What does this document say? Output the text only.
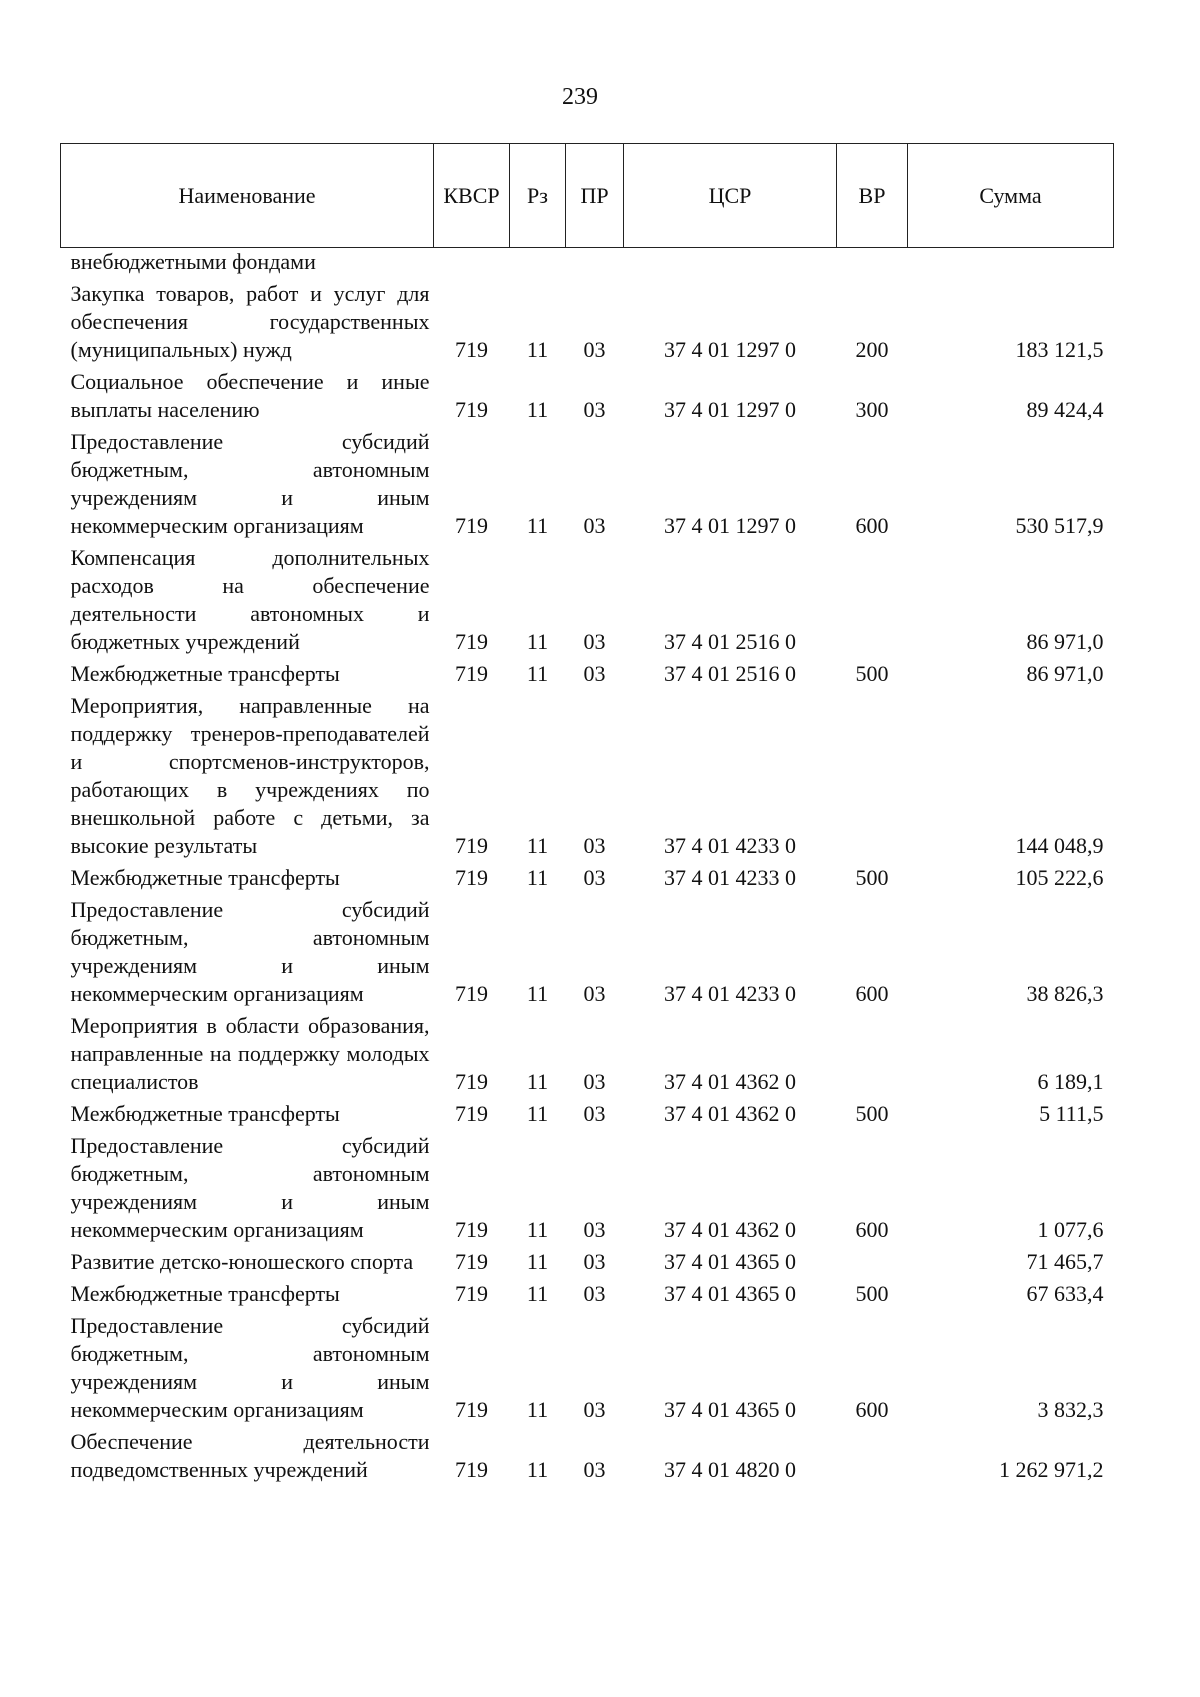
239
Наименование	КВСР	Рз	ПР	ЦСР	ВР	Сумма
внебюджетными фондами						
Закупка товаров, работ и услуг для обеспечения государственных (муниципальных) нужд	719	11	03	37 4 01 1297 0	200	183 121,5
Социальное обеспечение и иные выплаты населению	719	11	03	37 4 01 1297 0	300	89 424,4
Предоставление субсидий бюджетным, автономным учреждениям и иным некоммерческим организациям	719	11	03	37 4 01 1297 0	600	530 517,9
Компенсация дополнительных расходов на обеспечение деятельности автономных и бюджетных учреждений	719	11	03	37 4 01 2516 0		86 971,0
Межбюджетные трансферты	719	11	03	37 4 01 2516 0	500	86 971,0
Мероприятия, направленные на поддержку тренеров-преподавателей и спортсменов-инструкторов, работающих в учреждениях по внешкольной работе с детьми, за высокие результаты	719	11	03	37 4 01 4233 0		144 048,9
Межбюджетные трансферты	719	11	03	37 4 01 4233 0	500	105 222,6
Предоставление субсидий бюджетным, автономным учреждениям и иным некоммерческим организациям	719	11	03	37 4 01 4233 0	600	38 826,3
Мероприятия в области образования, направленные на поддержку молодых специалистов	719	11	03	37 4 01 4362 0		6 189,1
Межбюджетные трансферты	719	11	03	37 4 01 4362 0	500	5 111,5
Предоставление субсидий бюджетным, автономным учреждениям и иным некоммерческим организациям	719	11	03	37 4 01 4362 0	600	1 077,6
Развитие детско-юношеского спорта	719	11	03	37 4 01 4365 0		71 465,7
Межбюджетные трансферты	719	11	03	37 4 01 4365 0	500	67 633,4
Предоставление субсидий бюджетным, автономным учреждениям и иным некоммерческим организациям	719	11	03	37 4 01 4365 0	600	3 832,3
Обеспечение деятельности подведомственных учреждений	719	11	03	37 4 01 4820 0		1 262 971,2
